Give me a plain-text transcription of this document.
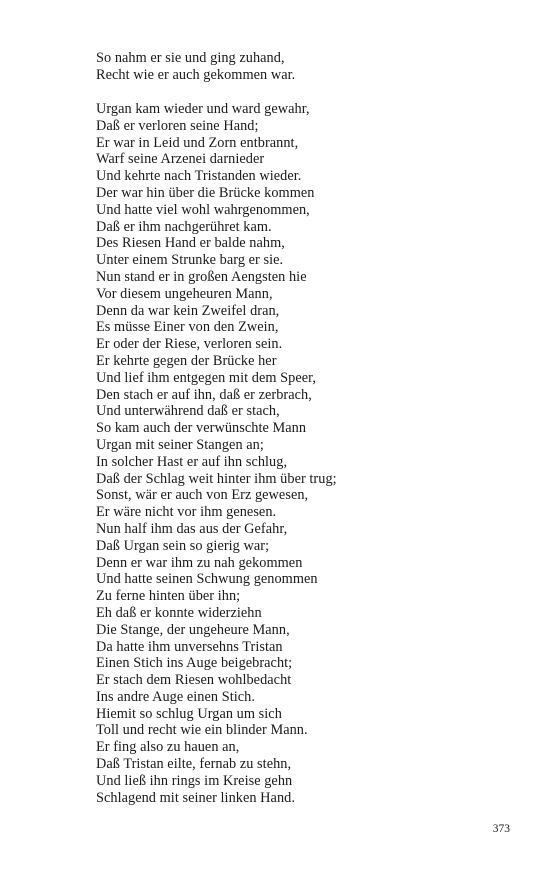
So nahm er sie und ging zuhand,
Recht wie er auch gekommen war.
Urgan kam wieder und ward gewahr,
Daß er verloren seine Hand;
Er war in Leid und Zorn entbrannt,
Warf seine Arzenei darnieder
Und kehrte nach Tristanden wieder.
Der war hin über die Brücke kommen
Und hatte viel wohl wahrgenommen,
Daß er ihm nachgerühret kam.
Des Riesen Hand er balde nahm,
Unter einem Strunke barg er sie.
Nun stand er in großen Aengsten hie
Vor diesem ungeheuren Mann,
Denn da war kein Zweifel dran,
Es müsse Einer von den Zwein,
Er oder der Riese, verloren sein.
Er kehrte gegen der Brücke her
Und lief ihm entgegen mit dem Speer,
Den stach er auf ihn, daß er zerbrach,
Und unterwährend daß er stach,
So kam auch der verwünschte Mann
Urgan mit seiner Stangen an;
In solcher Hast er auf ihn schlug,
Daß der Schlag weit hinter ihm über trug;
Sonst, wär er auch von Erz gewesen,
Er wäre nicht vor ihm genesen.
Nun half ihm das aus der Gefahr,
Daß Urgan sein so gierig war;
Denn er war ihm zu nah gekommen
Und hatte seinen Schwung genommen
Zu ferne hinten über ihn;
Eh daß er konnte widerziehn
Die Stange, der ungeheure Mann,
Da hatte ihm unversehns Tristan
Einen Stich ins Auge beigebracht;
Er stach dem Riesen wohlbedacht
Ins andre Auge einen Stich.
Hiemit so schlug Urgan um sich
Toll und recht wie ein blinder Mann.
Er fing also zu hauen an,
Daß Tristan eilte, fernab zu stehn,
Und ließ ihn rings im Kreise gehn
Schlagend mit seiner linken Hand.
373
